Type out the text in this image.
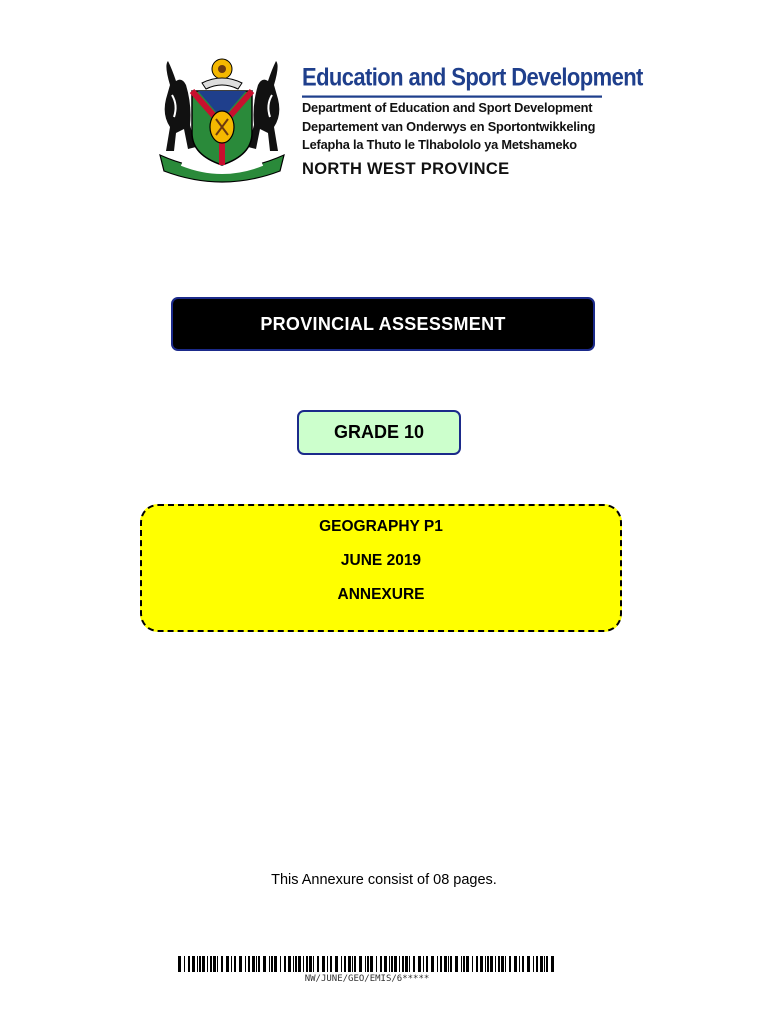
Education and Sport Development
Department of Education and Sport Development
Departement van Onderwys en Sportontwikkeling
Lefapha la Thuto le Tlhabololo ya Metshameko
NORTH WEST PROVINCE
PROVINCIAL ASSESSMENT
GRADE 10
GEOGRAPHY P1
JUNE 2019
ANNEXURE
This Annexure consist of 08 pages.
NW/JUNE/GEO/EMIS/6*****
